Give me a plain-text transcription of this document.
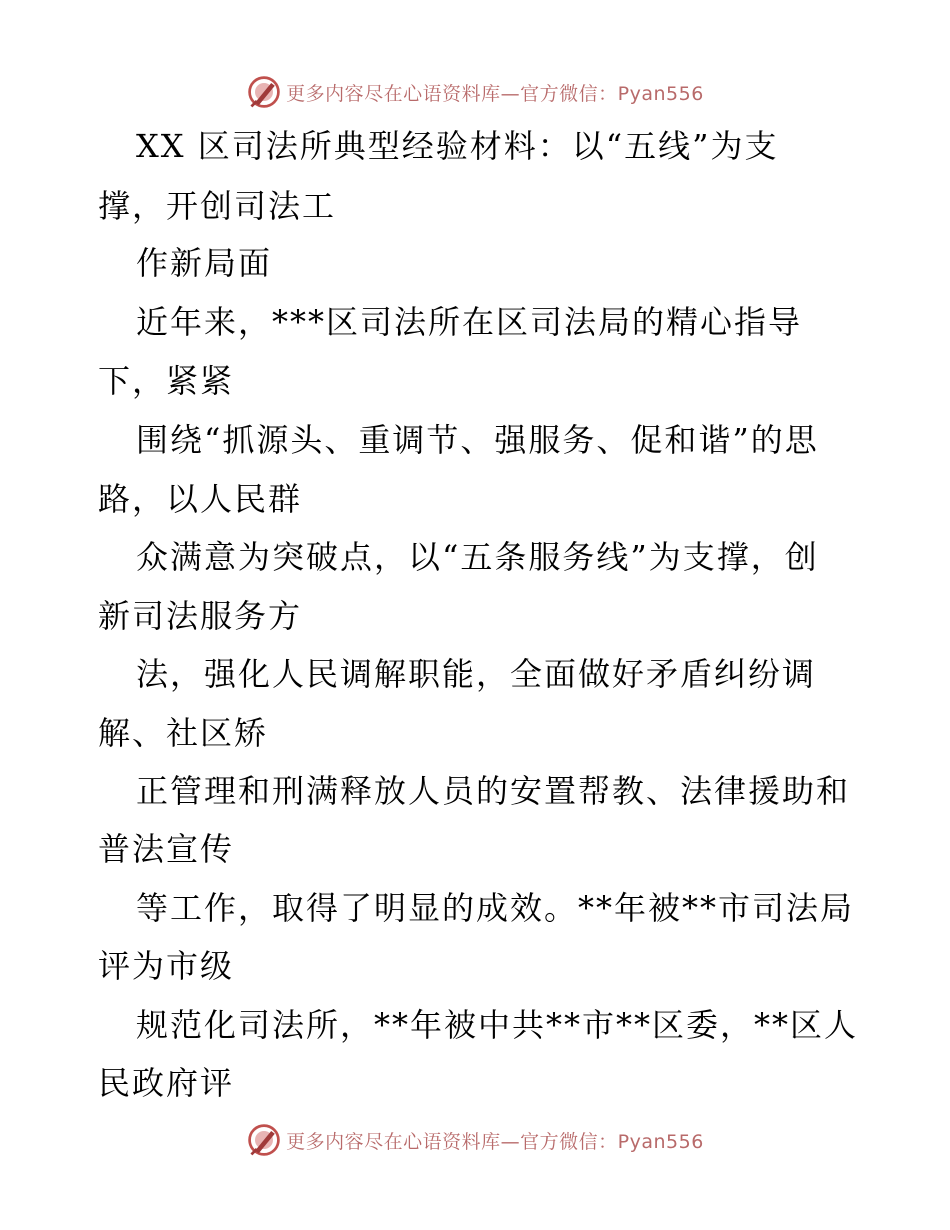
更多内容尽在心语资料库—官方微信：Pyan556
XX 区司法所典型经验材料：以“五线”为支
撑，开创司法工
作新局面
近年来，***区司法所在区司法局的精心指导
下，紧紧
围绕“抓源头、重调节、强服务、促和谐”的思
路，以人民群
众满意为突破点，以“五条服务线”为支撑，创
新司法服务方
法，强化人民调解职能，全面做好矛盾纠纷调
解、社区矫
正管理和刑满释放人员的安置帮教、法律援助和
普法宣传
等工作，取得了明显的成效。**年被**市司法局
评为市级
规范化司法所，**年被中共**市**区委，**区人
民政府评
更多内容尽在心语资料库—官方微信：Pyan556
